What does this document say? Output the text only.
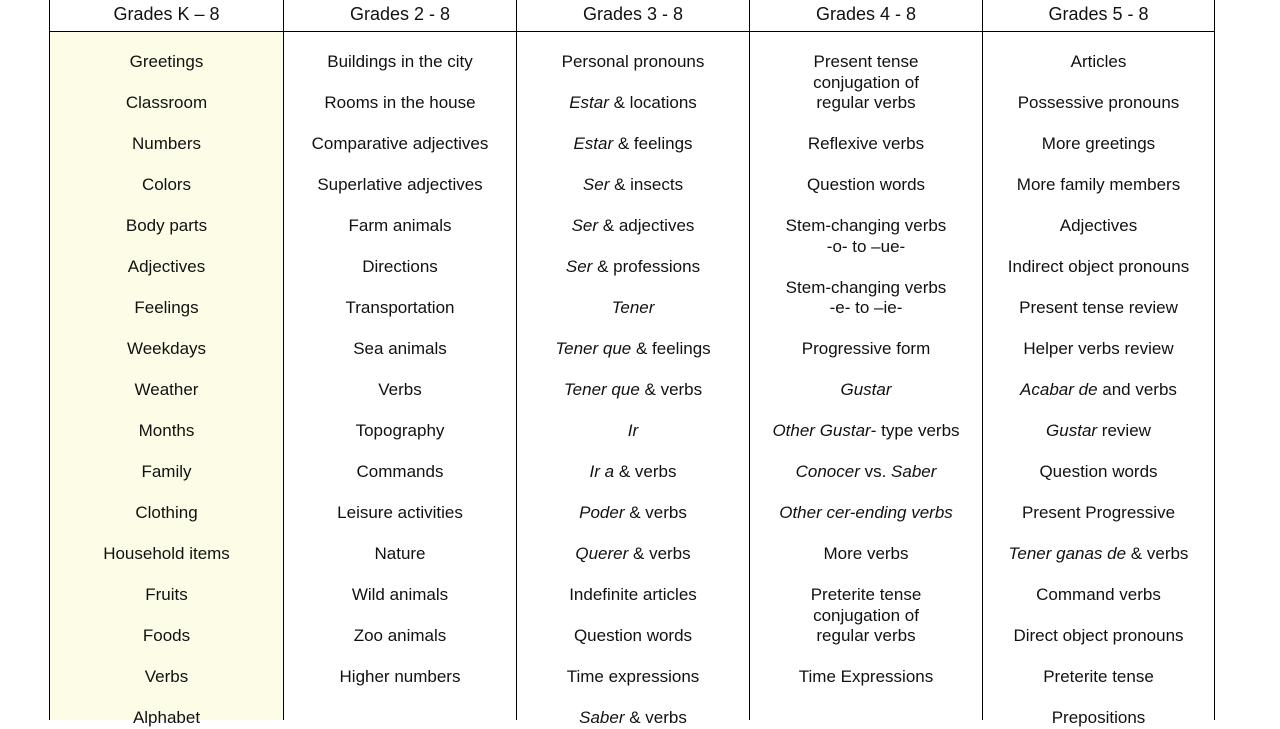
Grades K – 8
Greetings
Classroom
Numbers
Colors
Body parts
Adjectives
Feelings
Weekdays
Weather
Months
Family
Clothing
Household items
Fruits
Foods
Verbs
Alphabet
Grades 2 - 8
Buildings in the city
Rooms in the house
Comparative adjectives
Superlative adjectives
Farm animals
Directions
Transportation
Sea animals
Verbs
Topography
Commands
Leisure activities
Nature
Wild animals
Zoo animals
Higher numbers
Grades 3 - 8
Personal pronouns
Estar & locations
Estar & feelings
Ser & insects
Ser & adjectives
Ser & professions
Tener
Tener que & feelings
Tener que & verbs
Ir
Ir a & verbs
Poder & verbs
Querer & verbs
Indefinite articles
Question words
Time expressions
Saber & verbs
Grades 4 - 8
Present tense
conjugation of
regular verbs
Reflexive verbs
Question words
Stem-changing verbs
-o- to –ue-
Stem-changing verbs
-e- to –ie-
Progressive form
Gustar
Other Gustar- type verbs
Conocer vs. Saber
Other cer-ending verbs
More verbs
Preterite tense
conjugation of
regular verbs
Time Expressions
Grades 5 - 8
Articles
Possessive pronouns
More greetings
More family members
Adjectives
Indirect object pronouns
Present tense review
Helper verbs review
Acabar de and verbs
Gustar review
Question words
Present Progressive
Tener ganas de & verbs
Command verbs
Direct object pronouns
Preterite tense
Prepositions
